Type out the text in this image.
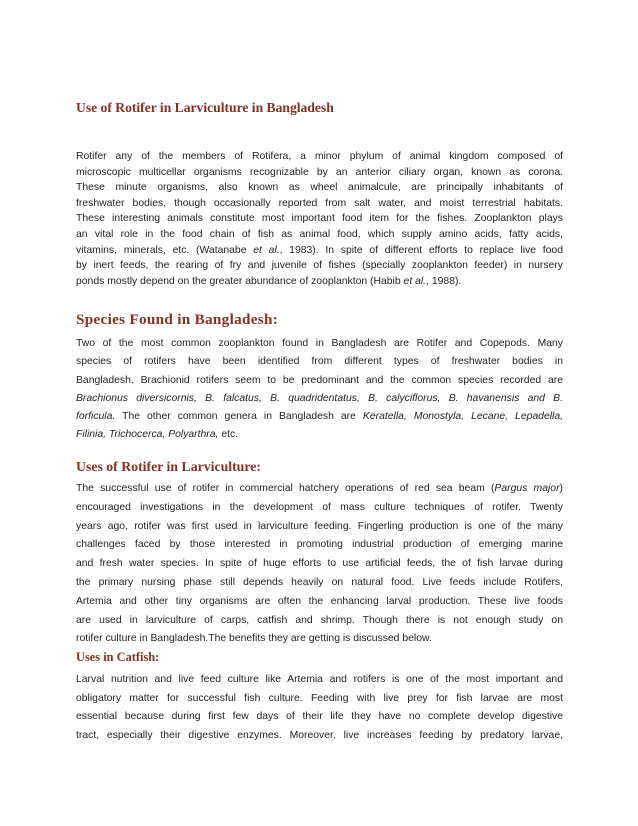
Use of Rotifer in Larviculture in Bangladesh
Rotifer any of the members of Rotifera, a minor phylum of animal kingdom composed of
microscopic multicellar organisms recognizable by an anterior ciliary organ, known as corona.
These minute organisms, also known as wheel animalcule, are principally inhabitants of
freshwater bodies, though occasionally reported from salt water, and moist terrestrial habitats.
These interesting animals constitute most important food item for the fishes. Zooplankton plays
an vital role in the food chain of fish as animal food, which supply amino acids, fatty acids,
vitamins, minerals, etc. (Watanabe et al., 1983). In spite of different efforts to replace live food
by inert feeds, the rearing of fry and juvenile of fishes (specially zooplankton feeder) in nursery
ponds mostly depend on the greater abundance of zooplankton (Habib et al., 1988).
Species Found in Bangladesh:
Two of the most common zooplankton found in Bangladesh are Rotifer and Copepods. Many
species of rotifers have been identified from different types of freshwater bodies in
Bangladesh. Brachionid rotifers seem to be predominant and the common species recorded are
Brachionus diversicornis, B. falcatus, B. quadridentatus, B. calyciflorus, B. havanensis and B.
forficula. The other common genera in Bangladesh are Keratella, Monostyla, Lecane, Lepadella,
Filinia, Trichocerca, Polyarthra, etc.
Uses of Rotifer in Larviculture:
The successful use of rotifer in commercial hatchery operations of red sea beam (Pargus major)
encouraged investigations in the development of mass culture techniques of rotifer. Twenty
years ago, rotifer was first used in larviculture feeding. Fingerling production is one of the many
challenges faced by those interested in promoting industrial production of emerging marine
and fresh water species. In spite of huge efforts to use artificial feeds, the of fish larvae during
the primary nursing phase still depends heavily on natural food. Live feeds include Rotifers,
Artemia and other tiny organisms are often the enhancing larval production. These live foods
are used in larviculture of carps, catfish and shrimp. Though there is not enough study on
rotifer culture in Bangladesh.The benefits they are getting is discussed below.
Uses in Catfish:
Larval nutrition and live feed culture like Artemia and rotifers is one of the most important and
obligatory matter for successful fish culture. Feeding with live prey for fish larvae are most
essential because during first few days of their life they have no complete develop digestive
tract, especially their digestive enzymes. Moreover, live increases feeding by predatory larvae,
